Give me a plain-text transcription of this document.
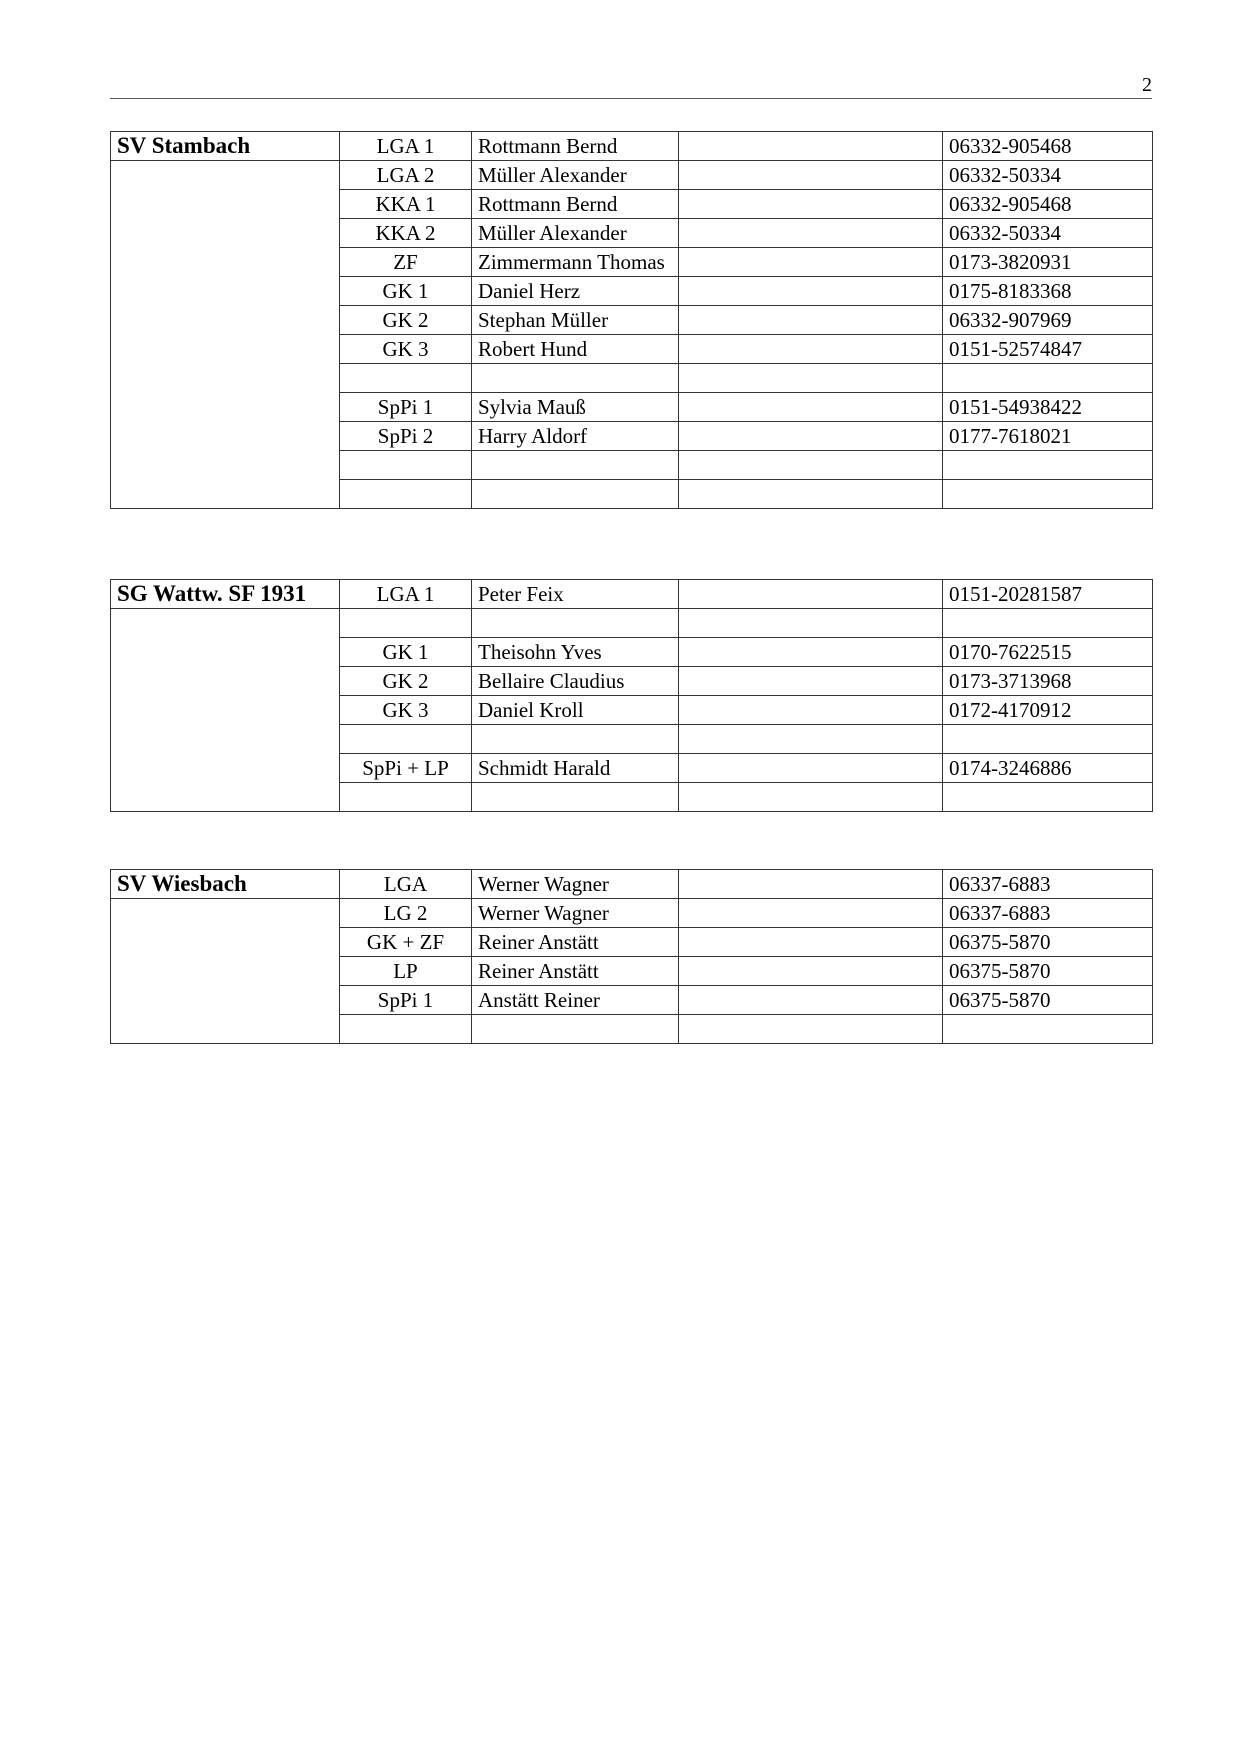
2
SV Stambach	LGA 1	Rottmann Bernd		06332-905468
	LGA 2	Müller Alexander		06332-50334
	KKA 1	Rottmann Bernd		06332-905468
	KKA 2	Müller Alexander		06332-50334
	ZF	Zimmermann Thomas		0173-3820931
	GK 1	Daniel Herz		0175-8183368
	GK 2	Stephan Müller		06332-907969
	GK 3	Robert Hund		0151-52574847

	SpPi 1	Sylvia Mauß		0151-54938422
	SpPi 2	Harry Aldorf		0177-7618021

SG Wattw. SF 1931	LGA 1	Peter Feix		0151-20281587

	GK 1	Theisohn Yves		0170-7622515
	GK 2	Bellaire Claudius		0173-3713968
	GK 3	Daniel Kroll		0172-4170912

	SpPi + LP	Schmidt Harald		0174-3246886

SV Wiesbach	LGA	Werner Wagner		06337-6883
	LG 2	Werner Wagner		06337-6883
	GK + ZF	Reiner Anstätt		06375-5870
	LP	Reiner Anstätt		06375-5870
	SpPi 1	Anstätt Reiner		06375-5870
